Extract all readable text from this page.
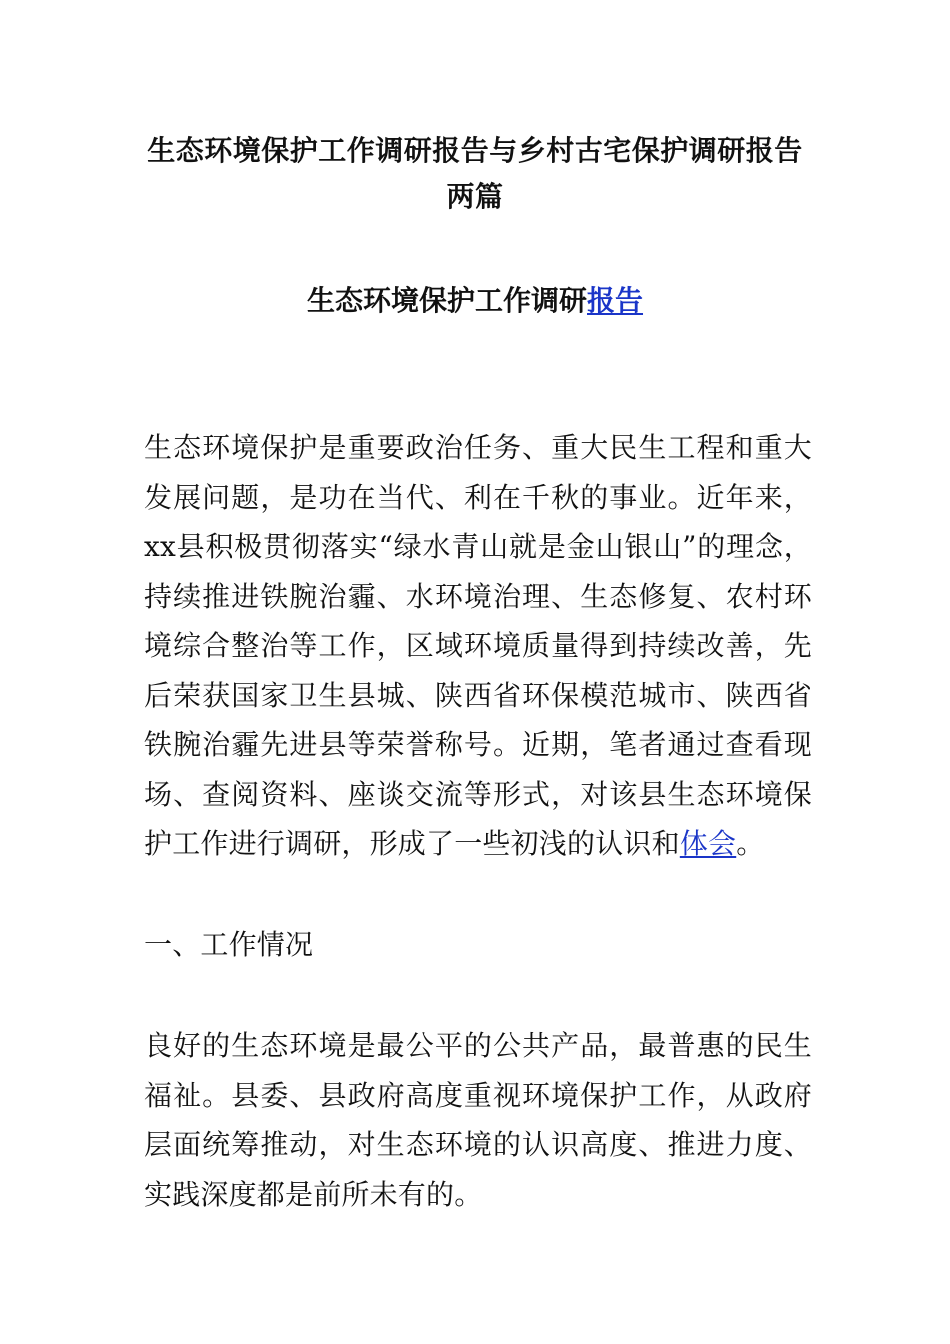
生态环境保护工作调研报告与乡村古宅保护调研报告两篇
生态环境保护工作调研报告

生态环境保护是重要政治任务、重大民生工程和重大发展问题，是功在当代、利在千秋的事业。近年来，xx县积极贯彻落实“绿水青山就是金山银山”的理念，持续推进铁腕治霾、水环境治理、生态修复、农村环境综合整治等工作，区域环境质量得到持续改善，先后荣获国家卫生县城、陕西省环保模范城市、陕西省铁腕治霾先进县等荣誉称号。近期，笔者通过查看现场、查阅资料、座谈交流等形式，对该县生态环境保护工作进行调研，形成了一些初浅的认识和体会。

一、工作情况

良好的生态环境是最公平的公共产品，最普惠的民生福祉。县委、县政府高度重视环境保护工作，从政府层面统筹推动，对生态环境的认识高度、推进力度、实践深度都是前所未有的。
